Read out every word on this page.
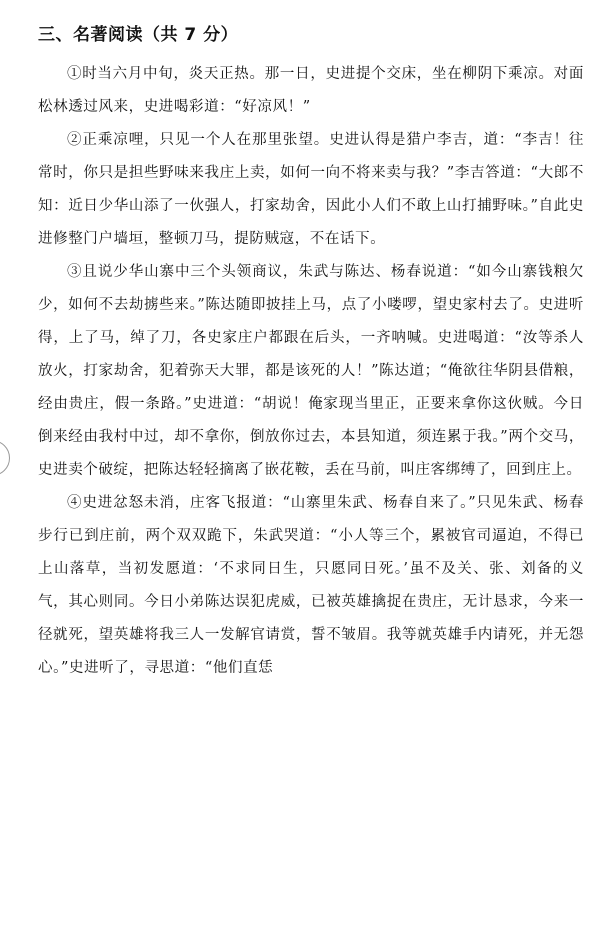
三、名著阅读（共 7 分）

①时当六月中旬，炎天正热。那一日，史进提个交床，坐在柳阴下乘凉。对面松林透过风来，史进喝彩道：“好凉风！”

②正乘凉哩，只见一个人在那里张望。史进认得是猎户李吉，道：“李吉！往常时，你只是担些野味来我庄上卖，如何一向不将来卖与我？”李吉答道：“大郎不知：近日少华山添了一伙强人，打家劫舍，因此小人们不敢上山打捕野味。”自此史进修整门户墙垣，整顿刀马，提防贼寇，不在话下。

③且说少华山寨中三个头领商议，朱武与陈达、杨春说道：“如今山寨钱粮欠少，如何不去劫掳些来。”陈达随即披挂上马，点了小喽啰，望史家村去了。史进听得，上了马，绰了刀，各史家庄户都跟在后头，一齐呐喊。史进喝道：“汝等杀人放火，打家劫舍，犯着弥天大罪，都是该死的人！”陈达道；“俺欲往华阴县借粮，经由贵庄，假一条路。”史进道：“胡说！俺家现当里正，正要来拿你这伙贼。今日倒来经由我村中过，却不拿你，倒放你过去，本县知道，须连累于我。”两个交马，史进卖个破绽，把陈达轻轻摘离了嵌花鞍，丢在马前，叫庄客绑缚了，回到庄上。

④史进忿怒未消，庄客飞报道：“山寨里朱武、杨春自来了。”只见朱武、杨春步行已到庄前，两个双双跪下，朱武哭道：“小人等三个，累被官司逼迫，不得已上山落草，当初发愿道：‘不求同日生，只愿同日死。’虽不及关、张、刘备的义气，其心则同。今日小弟陈达误犯虎威，已被英雄擒捉在贵庄，无计恳求，今来一径就死，望英雄将我三人一发解官请赏，誓不皱眉。我等就英雄手内请死，并无怨心。”史进听了，寻思道：“他们直恁
